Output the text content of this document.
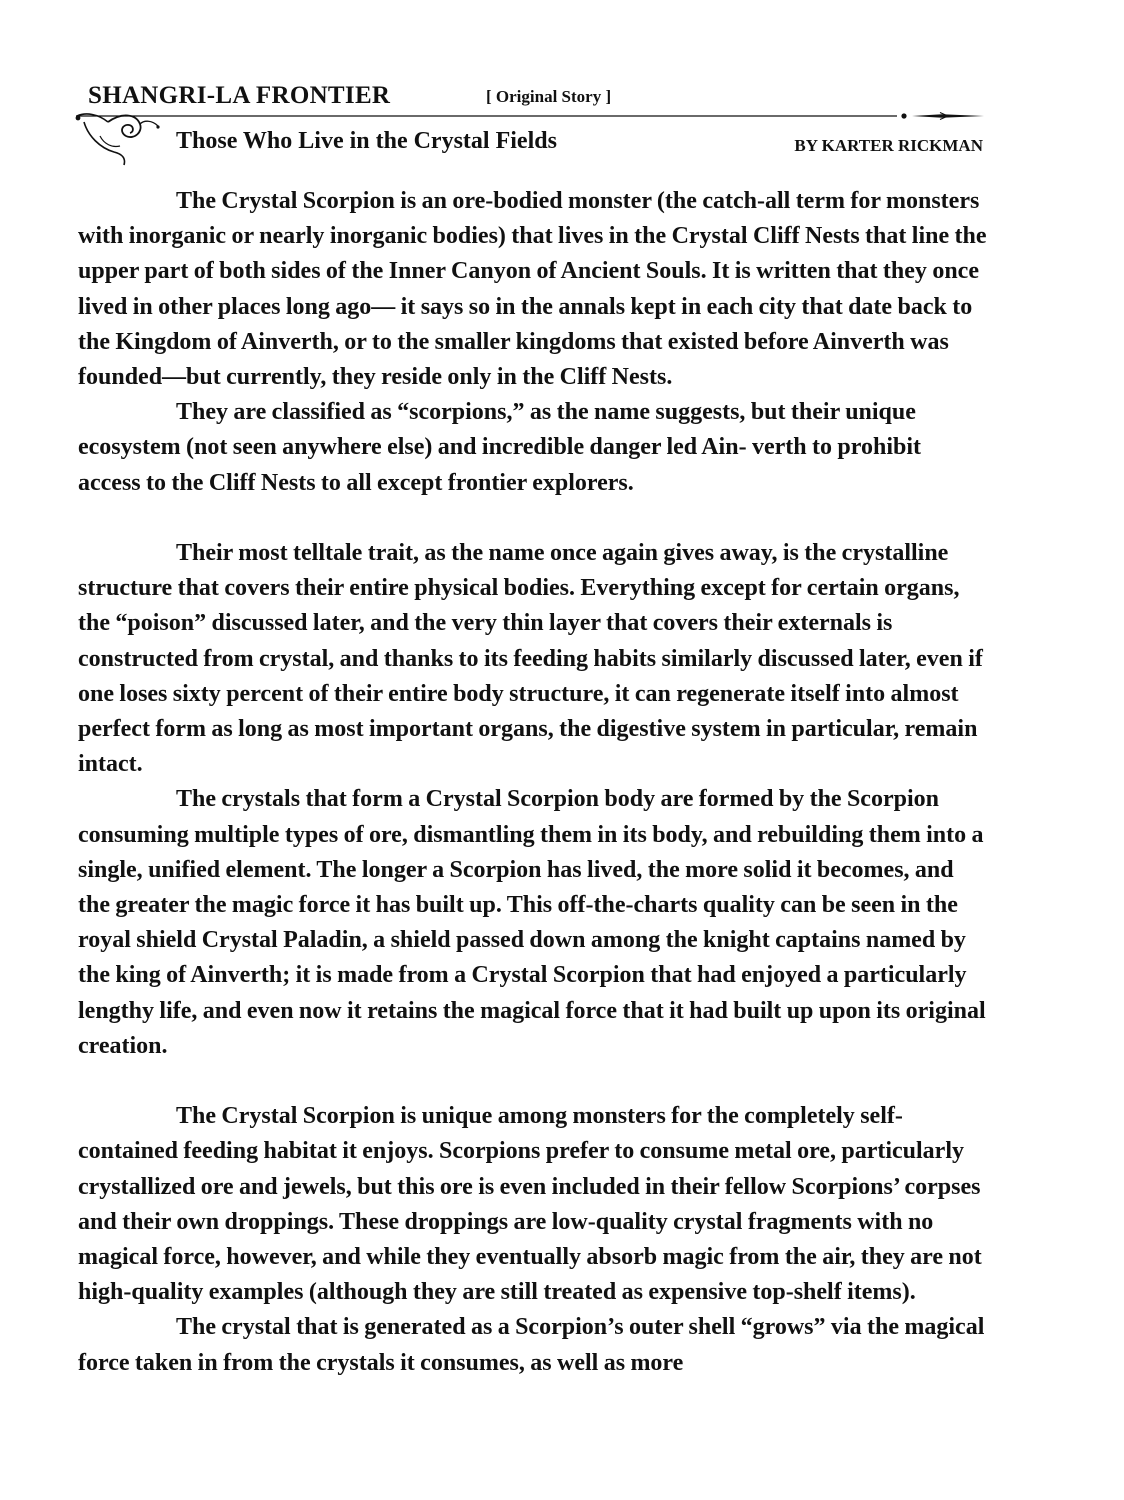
SHANGRI-LA FRONTIER	[ Original Story ]
Those Who Live in the Crystal Fields	BY KARTER RICKMAN

The Crystal Scorpion is an ore-bodied monster (the catch-all term for monsters with inorganic or nearly inorganic bodies) that lives in the Crystal Cliff Nests that line the upper part of both sides of the Inner Canyon of Ancient Souls. It is written that they once lived in other places long ago— it says so in the annals kept in each city that date back to the Kingdom of Ainverth, or to the smaller kingdoms that existed before Ainverth was founded—but currently, they reside only in the Cliff Nests.

They are classified as “scorpions,” as the name suggests, but their unique ecosystem (not seen anywhere else) and incredible danger led Ain- verth to prohibit access to the Cliff Nests to all except frontier explorers.

Their most telltale trait, as the name once again gives away, is the crystalline structure that covers their entire physical bodies. Everything except for certain organs, the “poison” discussed later, and the very thin layer that covers their externals is constructed from crystal, and thanks to its feeding habits similarly discussed later, even if one loses sixty percent of their entire body structure, it can regenerate itself into almost perfect form as long as most important organs, the digestive system in particular, remain intact.

The crystals that form a Crystal Scorpion body are formed by the Scorpion consuming multiple types of ore, dismantling them in its body, and rebuilding them into a single, unified element. The longer a Scorpion has lived, the more solid it becomes, and the greater the magic force it has built up. This off-the-charts quality can be seen in the royal shield Crystal Paladin, a shield passed down among the knight captains named by the king of Ainverth; it is made from a Crystal Scorpion that had enjoyed a particularly lengthy life, and even now it retains the magical force that it had built up upon its original creation.

The Crystal Scorpion is unique among monsters for the completely self-contained feeding habitat it enjoys. Scorpions prefer to consume metal ore, particularly crystallized ore and jewels, but this ore is even included in their fellow Scorpions’ corpses and their own droppings. These droppings are low-quality crystal fragments with no magical force, however, and while they eventually absorb magic from the air, they are not high-quality examples (although they are still treated as expensive top-shelf items).

The crystal that is generated as a Scorpion’s outer shell “grows” via the magical force taken in from the crystals it consumes, as well as more
